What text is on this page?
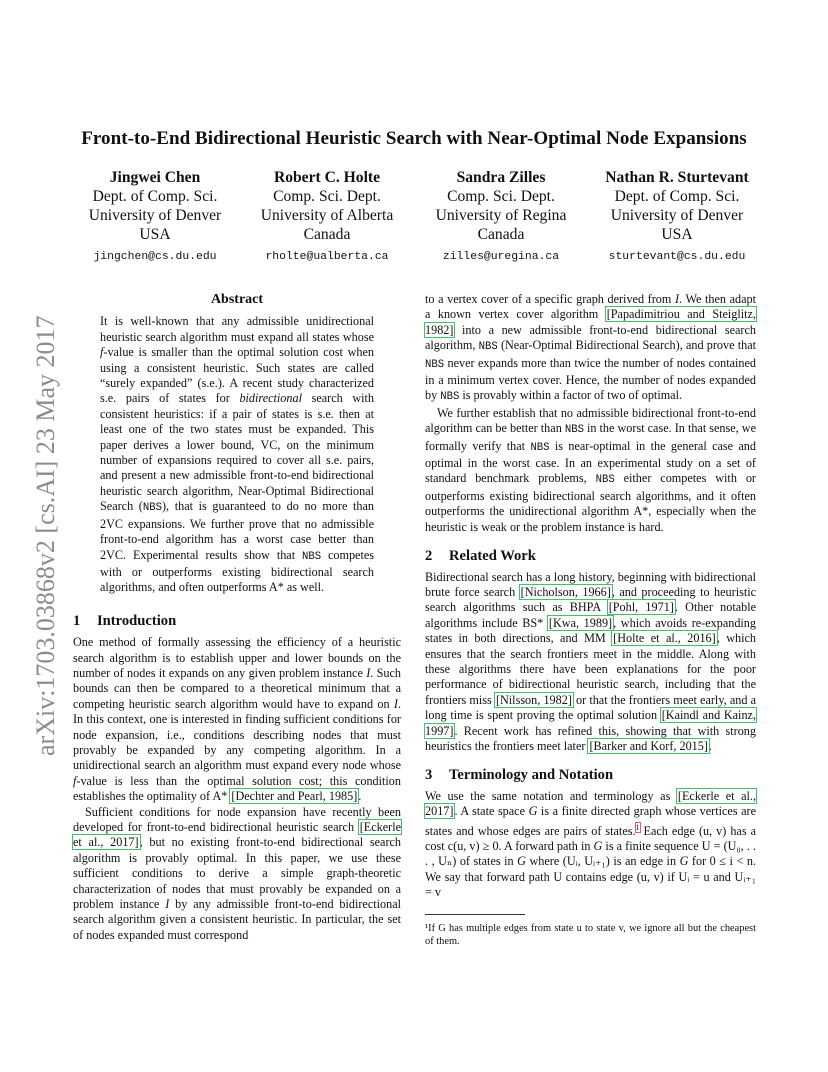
arXiv:1703.03868v2 [cs.AI] 23 May 2017
Front-to-End Bidirectional Heuristic Search with Near-Optimal Node Expansions
Jingwei Chen
Dept. of Comp. Sci.
University of Denver
USA
jingchen@cs.du.edu
Robert C. Holte
Comp. Sci. Dept.
University of Alberta
Canada
rholte@ualberta.ca
Sandra Zilles
Comp. Sci. Dept.
University of Regina
Canada
zilles@uregina.ca
Nathan R. Sturtevant
Dept. of Comp. Sci.
University of Denver
USA
sturtevant@cs.du.edu
Abstract

It is well-known that any admissible unidirectional heuristic search algorithm must expand all states whose f-value is smaller than the optimal solution cost when using a consistent heuristic. Such states are called “surely expanded” (s.e.). A recent study characterized s.e. pairs of states for bidirectional search with consistent heuristics: if a pair of states is s.e. then at least one of the two states must be expanded. This paper derives a lower bound, VC, on the minimum number of expansions required to cover all s.e. pairs, and present a new admissible front-to-end bidirectional heuristic search algorithm, Near-Optimal Bidirectional Search (NBS), that is guaranteed to do no more than 2VC expansions. We further prove that no admissible front-to-end algorithm has a worst case better than 2VC. Experimental results show that NBS competes with or outperforms existing bidirectional search algorithms, and often outperforms A* as well.

1 Introduction

One method of formally assessing the efficiency of a heuristic search algorithm is to establish upper and lower bounds on the number of nodes it expands on any given problem instance I. Such bounds can then be compared to a theoretical minimum that a competing heuristic search algorithm would have to expand on I. In this context, one is interested in finding sufficient conditions for node expansion, i.e., conditions describing nodes that must provably be expanded by any competing algorithm. In a unidirectional search an algorithm must expand every node whose f-value is less than the optimal solution cost; this condition establishes the optimality of A* [Dechter and Pearl, 1985].

Sufficient conditions for node expansion have recently been developed for front-to-end bidirectional heuristic search [Eckerle et al., 2017], but no existing front-to-end bidirectional search algorithm is provably optimal. In this paper, we use these sufficient conditions to derive a simple graph-theoretic characterization of nodes that must provably be expanded on a problem instance I by any admissible front-to-end bidirectional search algorithm given a consistent heuristic. In particular, the set of nodes expanded must correspond

to a vertex cover of a specific graph derived from I. We then adapt a known vertex cover algorithm [Papadimitriou and Steiglitz, 1982] into a new admissible front-to-end bidirectional search algorithm, NBS (Near-Optimal Bidirectional Search), and prove that NBS never expands more than twice the number of nodes contained in a minimum vertex cover. Hence, the number of nodes expanded by NBS is provably within a factor of two of optimal.

We further establish that no admissible bidirectional front-to-end algorithm can be better than NBS in the worst case. In that sense, we formally verify that NBS is near-optimal in the general case and optimal in the worst case. In an experimental study on a set of standard benchmark problems, NBS either competes with or outperforms existing bidirectional search algorithms, and it often outperforms the unidirectional algorithm A*, especially when the heuristic is weak or the problem instance is hard.

2 Related Work

Bidirectional search has a long history, beginning with bidirectional brute force search [Nicholson, 1966], and proceeding to heuristic search algorithms such as BHPA [Pohl, 1971]. Other notable algorithms include BS* [Kwa, 1989], which avoids re-expanding states in both directions, and MM [Holte et al., 2016], which ensures that the search frontiers meet in the middle. Along with these algorithms there have been explanations for the poor performance of bidirectional heuristic search, including that the frontiers miss [Nilsson, 1982] or that the frontiers meet early, and a long time is spent proving the optimal solution [Kaindl and Kainz, 1997]. Recent work has refined this, showing that with strong heuristics the frontiers meet later [Barker and Korf, 2015].

3 Terminology and Notation

We use the same notation and terminology as [Eckerle et al., 2017]. A state space G is a finite directed graph whose vertices are states and whose edges are pairs of states.$^1$ Each edge (u, v) has a cost c(u, v) ≥ 0. A forward path in G is a finite sequence U = (U₀, . . . , Uₙ) of states in G where (Uᵢ, Uᵢ₊₁) is an edge in G for 0 ≤ i < n. We say that forward path U contains edge (u, v) if Uᵢ = u and Uᵢ₊₁ = v

¹If G has multiple edges from state u to state v, we ignore all but the cheapest of them.
